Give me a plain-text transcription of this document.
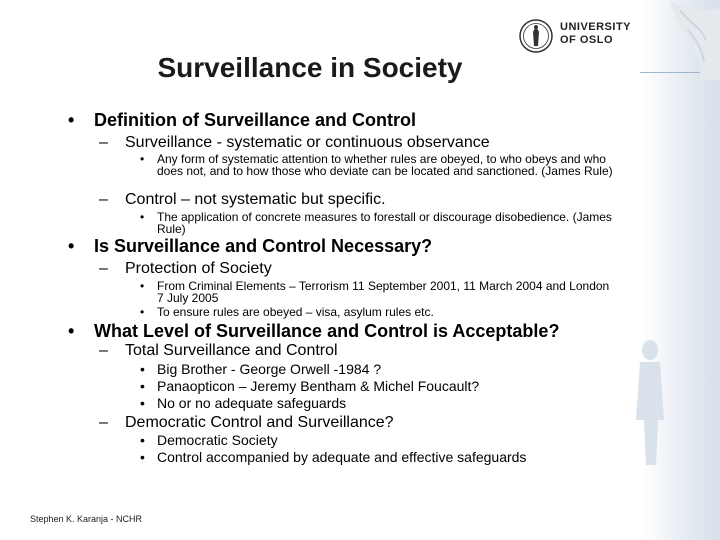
UNIVERSITY
OF OSLO
Surveillance in Society
• Definition of Surveillance and Control
– Surveillance - systematic or continuous observance
• Any form of systematic attention to whether rules are obeyed, to who obeys and who does not, and to how those who deviate can be located and sanctioned. (James Rule)
– Control – not systematic but specific.
• The application of concrete measures to forestall or discourage disobedience. (James Rule)
• Is Surveillance and Control Necessary?
– Protection of Society
• From Criminal Elements – Terrorism 11 September 2001, 11 March 2004 and London 7 July 2005
• To ensure rules are obeyed – visa, asylum rules etc.
• What Level of Surveillance and Control is Acceptable?
– Total Surveillance and Control
• Big Brother - George Orwell -1984 ?
• Panaopticon – Jeremy Bentham & Michel Foucault?
• No or no adequate safeguards
– Democratic Control and Surveillance?
• Democratic Society
• Control accompanied by adequate and effective safeguards
Stephen K. Karanja - NCHR
